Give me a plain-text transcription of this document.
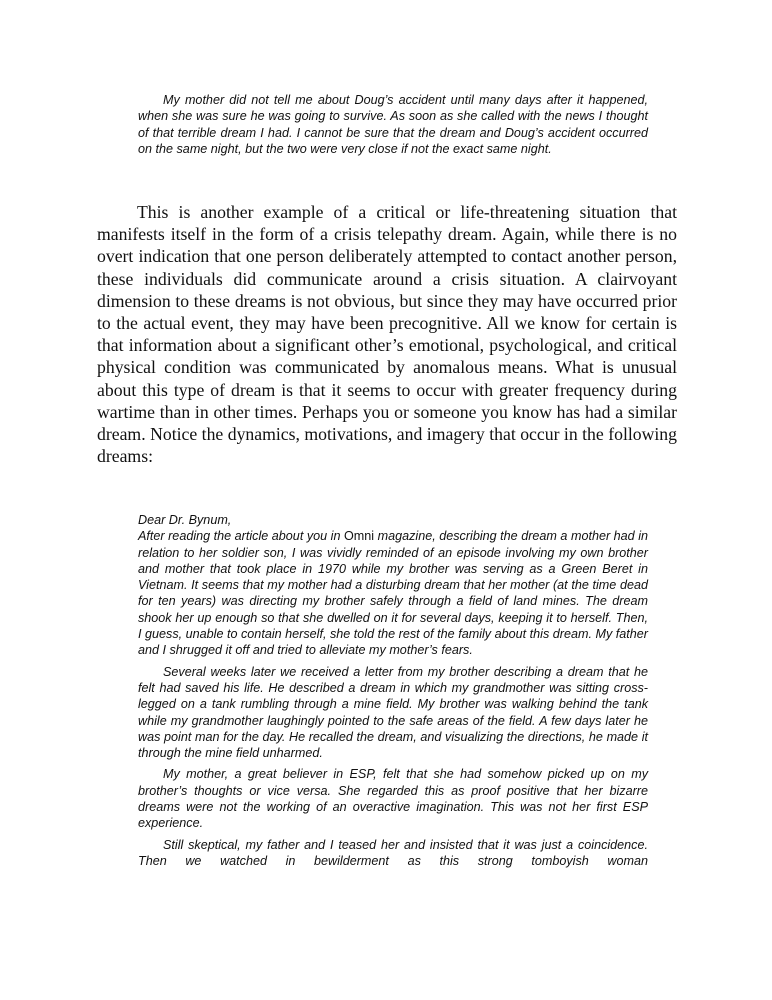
My mother did not tell me about Doug’s accident until many days after it happened, when she was sure he was going to survive. As soon as she called with the news I thought of that terrible dream I had. I cannot be sure that the dream and Doug’s accident occurred on the same night, but the two were very close if not the exact same night.

This is another example of a critical or life-threatening situation that manifests itself in the form of a crisis telepathy dream. Again, while there is no overt indication that one person deliberately attempted to contact another person, these individuals did communicate around a crisis situation. A clairvoyant dimension to these dreams is not obvious, but since they may have occurred prior to the actual event, they may have been precognitive. All we know for certain is that information about a significant other’s emotional, psychological, and critical physical condition was communicated by anomalous means. What is unusual about this type of dream is that it seems to occur with greater frequency during wartime than in other times. Perhaps you or someone you know has had a similar dream. Notice the dynamics, motivations, and imagery that occur in the following dreams:

Dear Dr. Bynum,

After reading the article about you in Omni magazine, describing the dream a mother had in relation to her soldier son, I was vividly reminded of an episode involving my own brother and mother that took place in 1970 while my brother was serving as a Green Beret in Vietnam. It seems that my mother had a disturbing dream that her mother (at the time dead for ten years) was directing my brother safely through a field of land mines. The dream shook her up enough so that she dwelled on it for several days, keeping it to herself. Then, I guess, unable to contain herself, she told the rest of the family about this dream. My father and I shrugged it off and tried to alleviate my mother’s fears.

Several weeks later we received a letter from my brother describing a dream that he felt had saved his life. He described a dream in which my grandmother was sitting cross-legged on a tank rumbling through a mine field. My brother was walking behind the tank while my grandmother laughingly pointed to the safe areas of the field. A few days later he was point man for the day. He recalled the dream, and visualizing the directions, he made it through the mine field unharmed.

My mother, a great believer in ESP, felt that she had somehow picked up on my brother’s thoughts or vice versa. She regarded this as proof positive that her bizarre dreams were not the working of an overactive imagination. This was not her first ESP experience.

Still skeptical, my father and I teased her and insisted that it was just a coincidence. Then we watched in bewilderment as this strong tomboyish woman
